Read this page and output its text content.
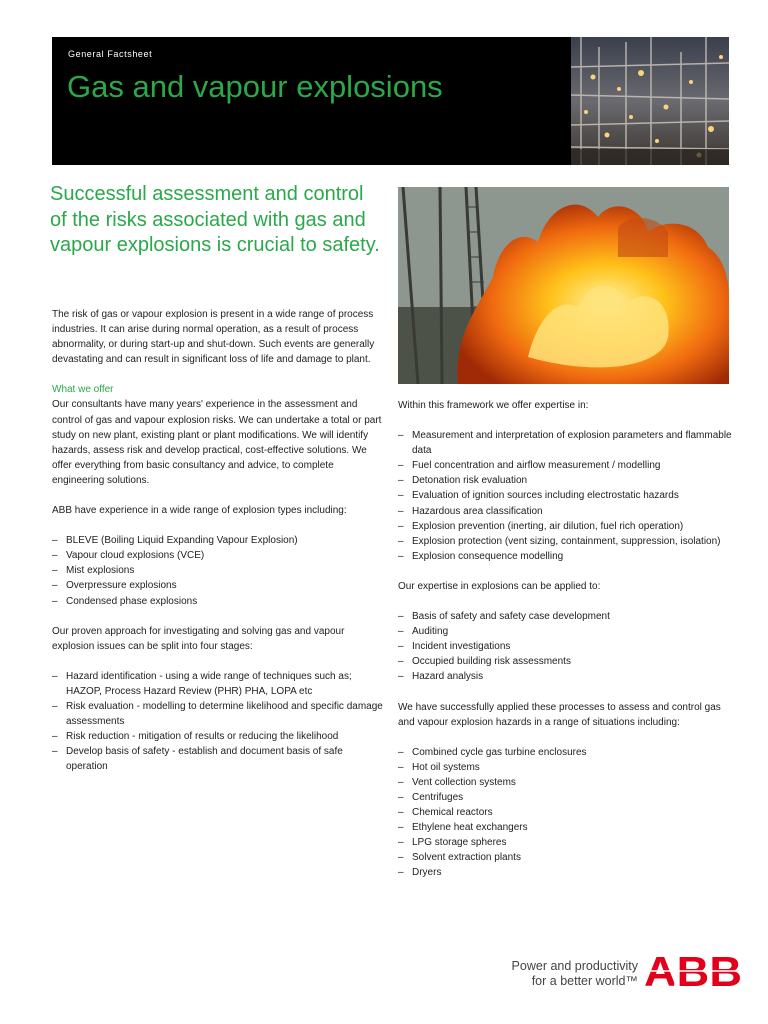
General Factsheet
Gas and vapour explosions

Successful assessment and control of the risks associated with gas and vapour explosions is crucial to safety.

The risk of gas or vapour explosion is present in a wide range of process industries. It can arise during normal operation, as a result of process abnormality, or during start-up and shut-down. Such events are generally devastating and can result in significant loss of life and damage to plant.

What we offer

Our consultants have many years' experience in the assessment and control of gas and vapour explosion risks. We can undertake a total or part study on new plant, existing plant or plant modifications. We will identify hazards, assess risk and develop practical, cost-effective solutions. We offer everything from basic consultancy and advice, to complete engineering solutions.

ABB have experience in a wide range of explosion types including:

– BLEVE (Boiling Liquid Expanding Vapour Explosion)
– Vapour cloud explosions (VCE)
– Mist explosions
– Overpressure explosions
– Condensed phase explosions

Our proven approach for investigating and solving gas and vapour explosion issues can be split into four stages:

– Hazard identification - using a wide range of techniques such as; HAZOP, Process Hazard Review (PHR) PHA, LOPA etc
– Risk evaluation - modelling to determine likelihood and specific damage assessments
– Risk reduction - mitigation of results or reducing the likelihood
– Develop basis of safety - establish and document basis of safe operation

Within this framework we offer expertise in:

– Measurement and interpretation of explosion parameters and flammable data
– Fuel concentration and airflow measurement / modelling
– Detonation risk evaluation
– Evaluation of ignition sources including electrostatic hazards
– Hazardous area classification
– Explosion prevention (inerting, air dilution, fuel rich operation)
– Explosion protection (vent sizing, containment, suppression, isolation)
– Explosion consequence modelling

Our expertise in explosions can be applied to:

– Basis of safety and safety case development
– Auditing
– Incident investigations
– Occupied building risk assessments
– Hazard analysis

We have successfully applied these processes to assess and control gas and vapour explosion hazards in a range of situations including:

– Combined cycle gas turbine enclosures
– Hot oil systems
– Vent collection systems
– Centrifuges
– Chemical reactors
– Ethylene heat exchangers
– LPG storage spheres
– Solvent extraction plants
– Dryers
Power and productivity
for a better world™ ABB
